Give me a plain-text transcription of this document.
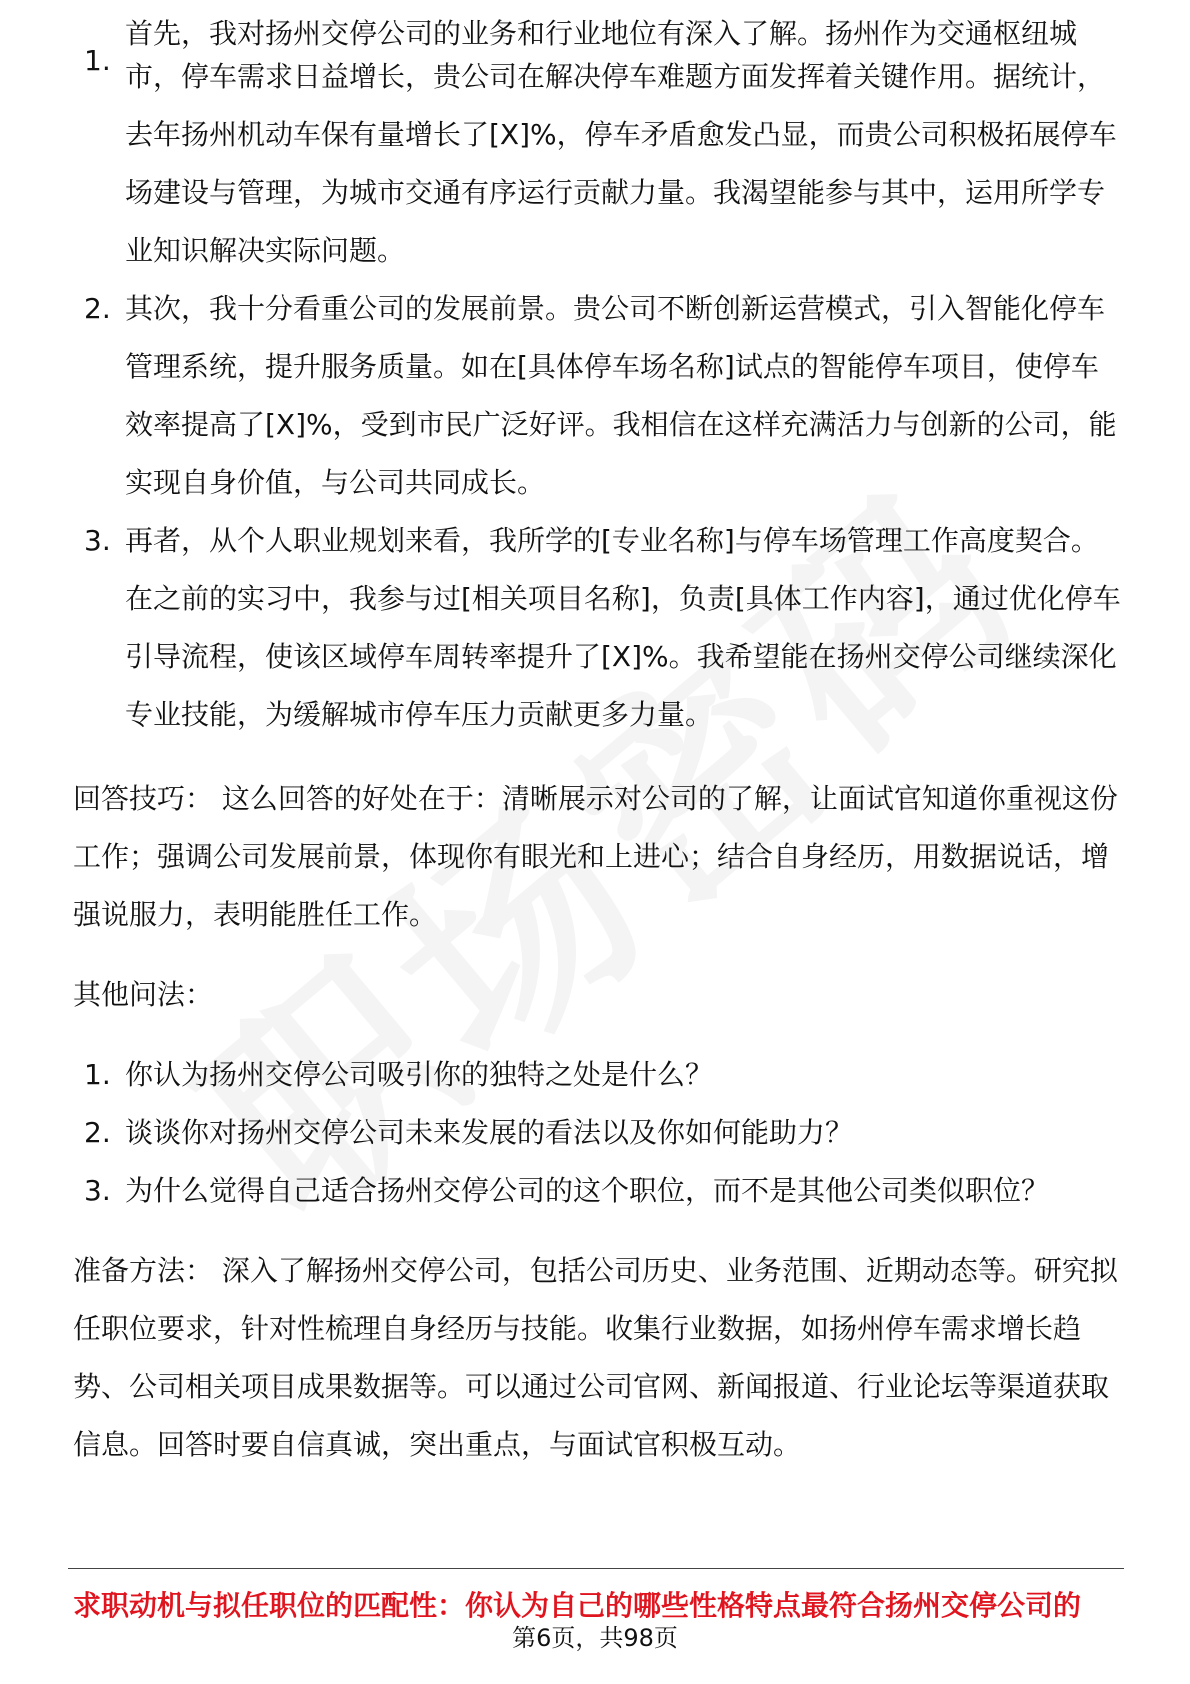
1.
首先，我对扬州交停公司的业务和行业地位有深入了解。扬州作为交通枢纽城
市，停车需求日益增长，贵公司在解决停车难题方面发挥着关键作用。据统计，去年扬州机动车保有量增长了[X]%，停车矛盾愈发凸显，而贵公司积极拓展停车场建设与管理，为城市交通有序运行贡献力量。我渴望能参与其中，运用所学专业知识解决实际问题。
2. 其次，我十分看重公司的发展前景。贵公司不断创新运营模式，引入智能化停车管理系统，提升服务质量。如在[具体停车场名称]试点的智能停车项目，使停车效率提高了[X]%，受到市民广泛好评。我相信在这样充满活力与创新的公司，能实现自身价值，与公司共同成长。
3. 再者，从个人职业规划来看，我所学的[专业名称]与停车场管理工作高度契合。在之前的实习中，我参与过[相关项目名称]，负责[具体工作内容]，通过优化停车引导流程，使该区域停车周转率提升了[X]%。我希望能在扬州交停公司继续深化专业技能，为缓解城市停车压力贡献更多力量。

回答技巧： 这么回答的好处在于：清晰展示对公司的了解，让面试官知道你重视这份工作；强调公司发展前景，体现你有眼光和上进心；结合自身经历，用数据说话，增强说服力，表明能胜任工作。

其他问法：

1. 你认为扬州交停公司吸引你的独特之处是什么？
2. 谈谈你对扬州交停公司未来发展的看法以及你如何能助力？
3. 为什么觉得自己适合扬州交停公司的这个职位，而不是其他公司类似职位？

准备方法： 深入了解扬州交停公司，包括公司历史、业务范围、近期动态等。研究拟任职位要求，针对性梳理自身经历与技能。收集行业数据，如扬州停车需求增长趋势、公司相关项目成果数据等。可以通过公司官网、新闻报道、行业论坛等渠道获取信息。回答时要自信真诚，突出重点，与面试官积极互动。

求职动机与拟任职位的匹配性：你认为自己的哪些性格特点最符合扬州交停公司的
第6页，共98页
